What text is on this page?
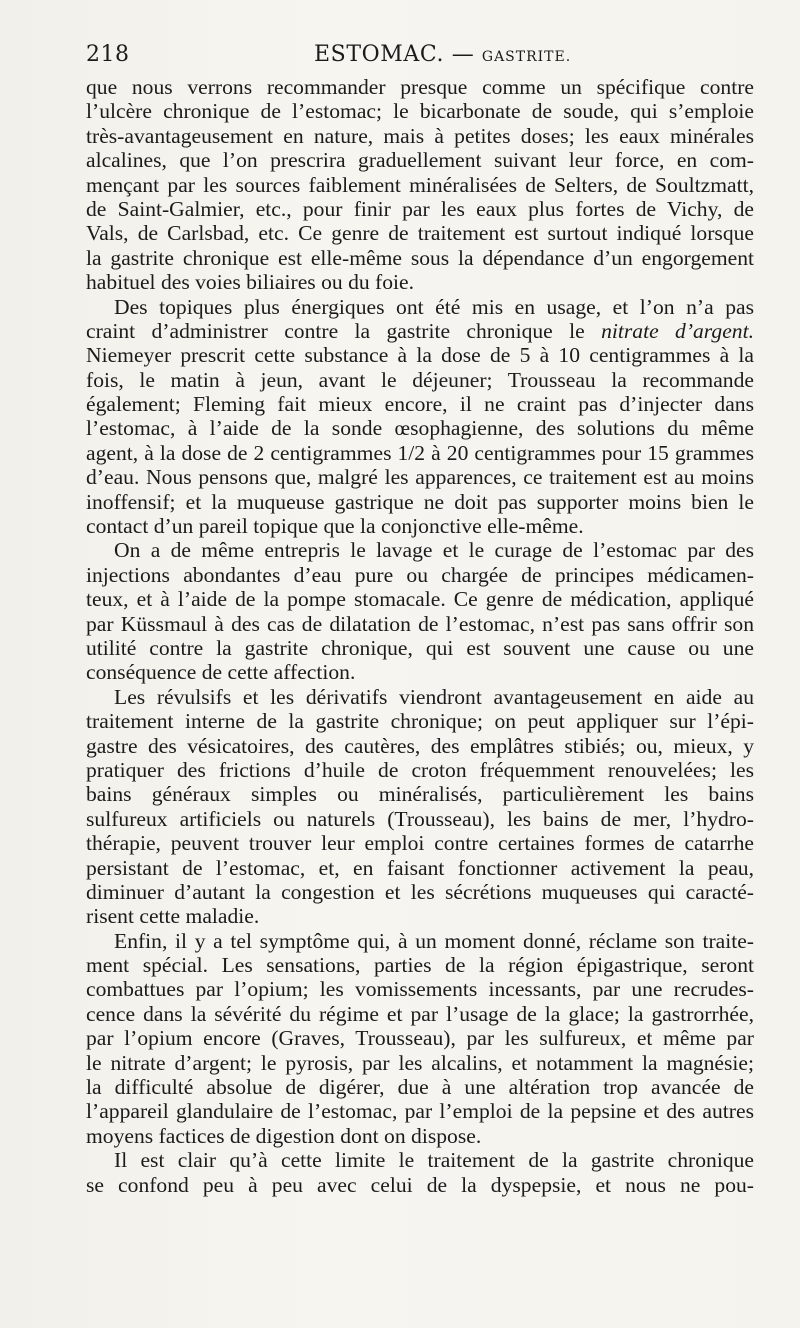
218	ESTOMAC. — GASTRITE.
que nous verrons recommander presque comme un spécifique contre
l’ulcère chronique de l’estomac; le bicarbonate de soude, qui s’emploie
très-avantageusement en nature, mais à petites doses; les eaux minérales
alcalines, que l’on prescrira graduellement suivant leur force, en com-
mençant par les sources faiblement minéralisées de Selters, de Soultzmatt,
de Saint-Galmier, etc., pour finir par les eaux plus fortes de Vichy, de
Vals, de Carlsbad, etc. Ce genre de traitement est surtout indiqué lorsque
la gastrite chronique est elle-même sous la dépendance d’un engorgement
habituel des voies biliaires ou du foie.
Des topiques plus énergiques ont été mis en usage, et l’on n’a pas
craint d’administrer contre la gastrite chronique le nitrate d’argent.
Niemeyer prescrit cette substance à la dose de 5 à 10 centigrammes à la
fois, le matin à jeun, avant le déjeuner; Trousseau la recommande
également; Fleming fait mieux encore, il ne craint pas d’injecter dans
l’estomac, à l’aide de la sonde œsophagienne, des solutions du même
agent, à la dose de 2 centigrammes 1/2 à 20 centigrammes pour 15 grammes
d’eau. Nous pensons que, malgré les apparences, ce traitement est au moins
inoffensif; et la muqueuse gastrique ne doit pas supporter moins bien le
contact d’un pareil topique que la conjonctive elle-même.
On a de même entrepris le lavage et le curage de l’estomac par des
injections abondantes d’eau pure ou chargée de principes médicamen-
teux, et à l’aide de la pompe stomacale. Ce genre de médication, appliqué
par Küssmaul à des cas de dilatation de l’estomac, n’est pas sans offrir son
utilité contre la gastrite chronique, qui est souvent une cause ou une
conséquence de cette affection.
Les révulsifs et les dérivatifs viendront avantageusement en aide au
traitement interne de la gastrite chronique; on peut appliquer sur l’épi-
gastre des vésicatoires, des cautères, des emplâtres stibiés; ou, mieux, y
pratiquer des frictions d’huile de croton fréquemment renouvelées; les
bains généraux simples ou minéralisés, particulièrement les bains
sulfureux artificiels ou naturels (Trousseau), les bains de mer, l’hydro-
thérapie, peuvent trouver leur emploi contre certaines formes de catarrhe
persistant de l’estomac, et, en faisant fonctionner activement la peau,
diminuer d’autant la congestion et les sécrétions muqueuses qui caracté-
risent cette maladie.
Enfin, il y a tel symptôme qui, à un moment donné, réclame son traite-
ment spécial. Les sensations, parties de la région épigastrique, seront
combattues par l’opium; les vomissements incessants, par une recrudes-
cence dans la sévérité du régime et par l’usage de la glace; la gastrorrhée,
par l’opium encore (Graves, Trousseau), par les sulfureux, et même par
le nitrate d’argent; le pyrosis, par les alcalins, et notamment la magnésie;
la difficulté absolue de digérer, due à une altération trop avancée de
l’appareil glandulaire de l’estomac, par l’emploi de la pepsine et des autres
moyens factices de digestion dont on dispose.
Il est clair qu’à cette limite le traitement de la gastrite chronique
se confond peu à peu avec celui de la dyspepsie, et nous ne pou-
